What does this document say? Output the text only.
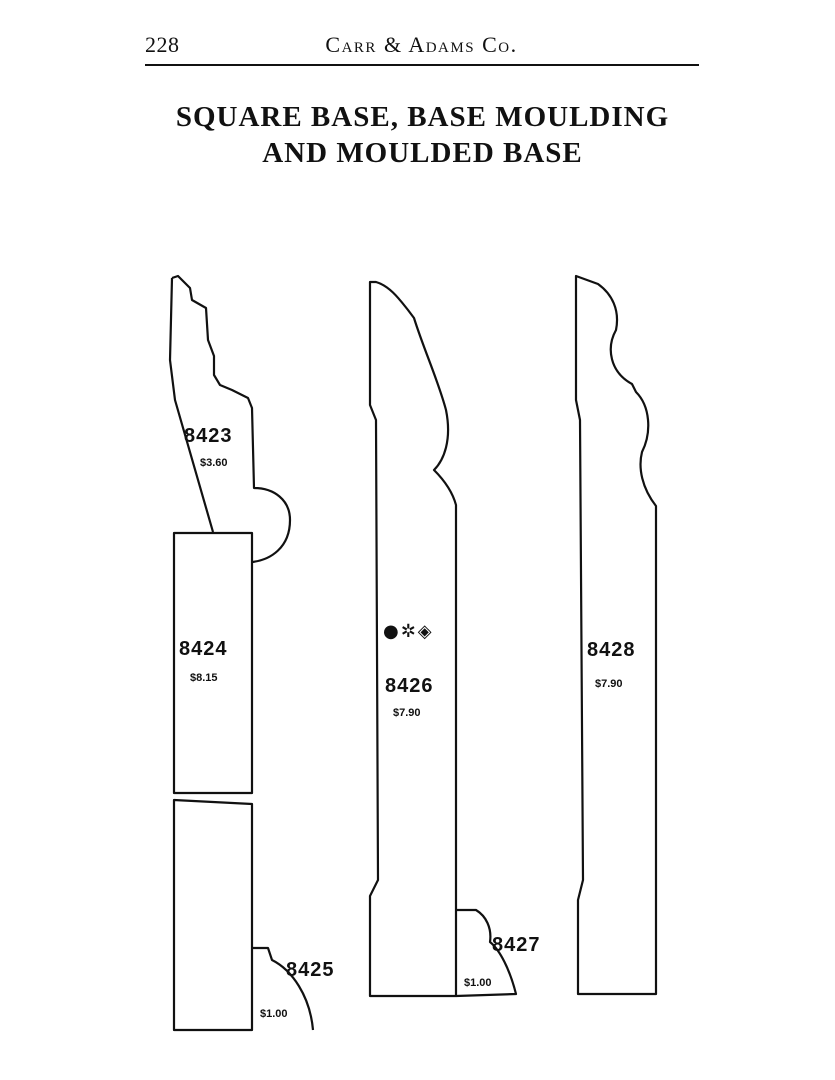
228	Carr & Adams Co.
SQUARE BASE, BASE MOULDING
AND MOULDED BASE
8423
$3.60
8424
$8.15
8425
$1.00
●✲◈
8426
$7.90
8427
$1.00
8428
$7.90
